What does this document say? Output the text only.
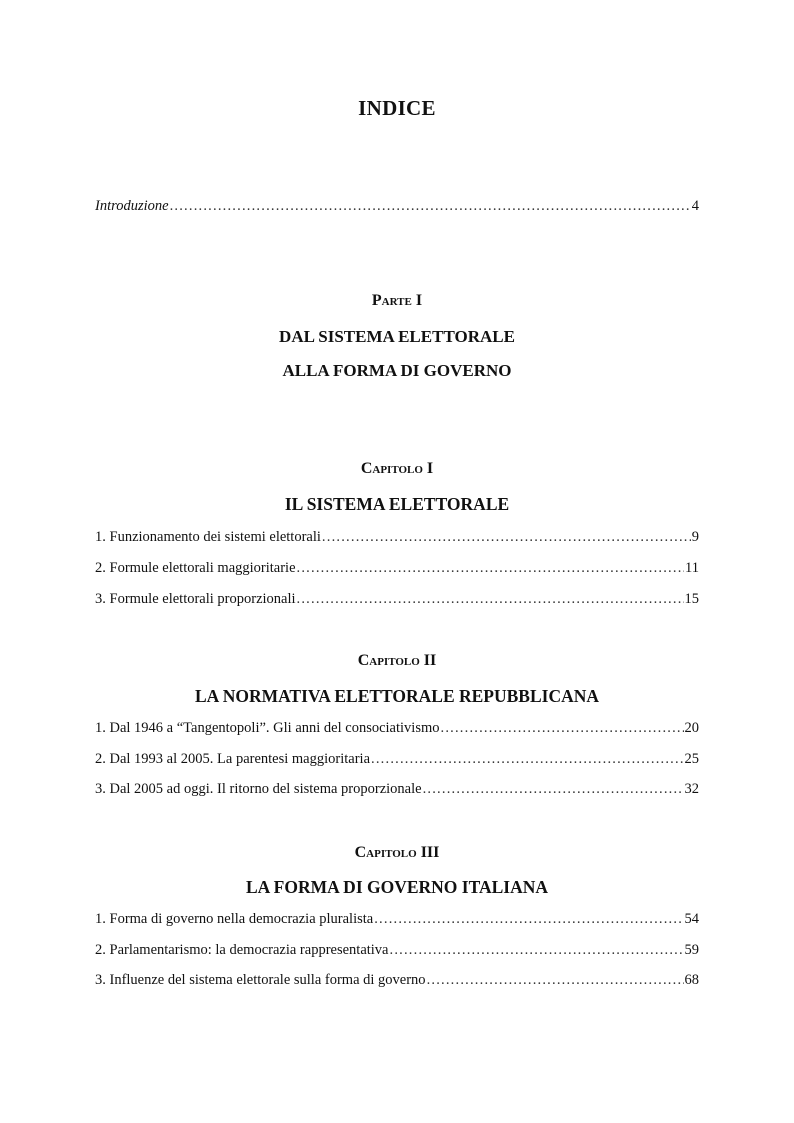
INDICE
Introduzione .....	4
Parte I
DAL SISTEMA ELETTORALE
ALLA FORMA DI GOVERNO
Capitolo I
IL SISTEMA ELETTORALE
1. Funzionamento dei sistemi elettorali .....	9
2. Formule elettorali maggioritarie .....	11
3. Formule elettorali proporzionali .....	15
Capitolo II
LA NORMATIVA ELETTORALE REPUBBLICANA
1. Dal 1946 a “Tangentopoli”. Gli anni del consociativismo .....	20
2. Dal 1993 al 2005. La parentesi maggioritaria .....	25
3. Dal 2005 ad oggi. Il ritorno del sistema proporzionale .....	32
Capitolo III
LA FORMA DI GOVERNO ITALIANA
1. Forma di governo nella democrazia pluralista .....	54
2. Parlamentarismo: la democrazia rappresentativa .....	59
3. Influenze del sistema elettorale sulla forma di governo .....	68
